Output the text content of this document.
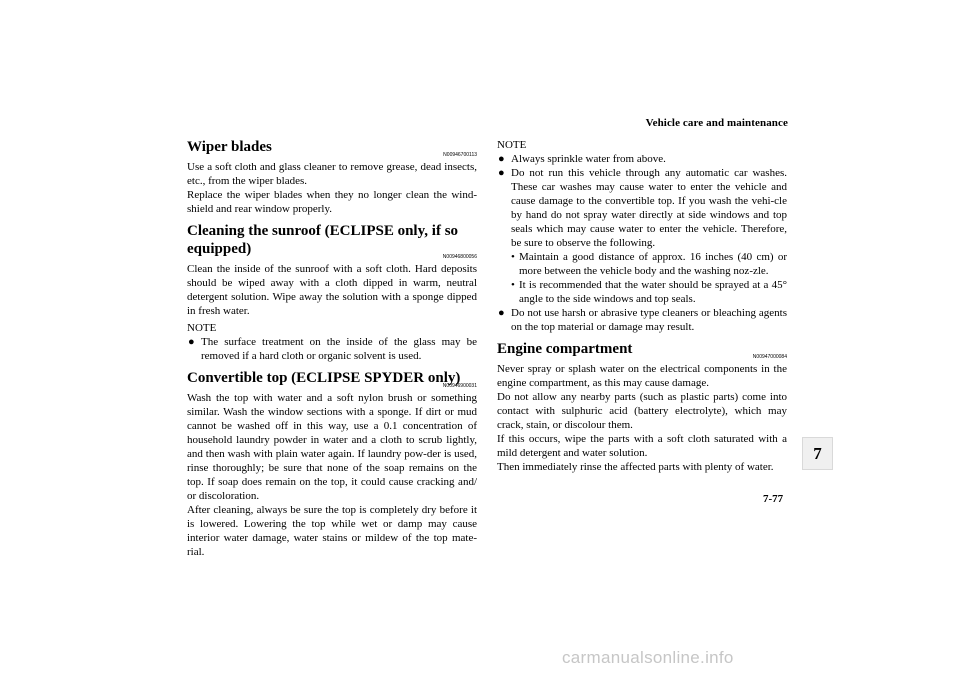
Vehicle care and maintenance
Wiper blades	N00946700113

Use a soft cloth and glass cleaner to remove grease, dead insects, etc., from the wiper blades.

Replace the wiper blades when they no longer clean the wind-shield and rear window properly.

Cleaning the sunroof (ECLIPSE only, if so equipped)	N00946800056

Clean the inside of the sunroof with a soft cloth. Hard deposits should be wiped away with a cloth dipped in warm, neutral detergent solution. Wipe away the solution with a sponge dipped in fresh water.

NOTE

● The surface treatment on the inside of the glass may be removed if a hard cloth or organic solvent is used.

Convertible top (ECLIPSE SPYDER only)
N00946900031

Wash the top with water and a soft nylon brush or something similar. Wash the window sections with a sponge. If dirt or mud cannot be washed off in this way, use a 0.1 concentration of household laundry powder in water and a cloth to scrub lightly, and then wash with plain water again. If laundry pow-der is used, rinse thoroughly; be sure that none of the soap remains on the top. If soap does remain on the top, it could cause cracking and/ or discoloration.

After cleaning, always be sure the top is completely dry before it is lowered. Lowering the top while wet or damp may cause interior water damage, water stains or mildew of the top mate-rial.

NOTE

● Always sprinkle water from above.

● Do not run this vehicle through any automatic car washes. These car washes may cause water to enter the vehicle and cause damage to the convertible top. If you wash the vehi-cle by hand do not spray water directly at side windows and top seals which may cause water to enter the vehicle. Therefore, be sure to observe the following.

• Maintain a good distance of approx. 16 inches (40 cm) or more between the vehicle body and the washing noz-zle.

• It is recommended that the water should be sprayed at a 45° angle to the side windows and top seals.

● Do not use harsh or abrasive type cleaners or bleaching agents on the top material or damage may result.

Engine compartment	N00947000084

Never spray or splash water on the electrical components in the engine compartment, as this may cause damage.

Do not allow any nearby parts (such as plastic parts) come into contact with sulphuric acid (battery electrolyte), which may crack, stain, or discolour them.

If this occurs, wipe the parts with a soft cloth saturated with a mild detergent and water solution.

Then immediately rinse the affected parts with plenty of water.

7
7-77
carmanualsonline.info
